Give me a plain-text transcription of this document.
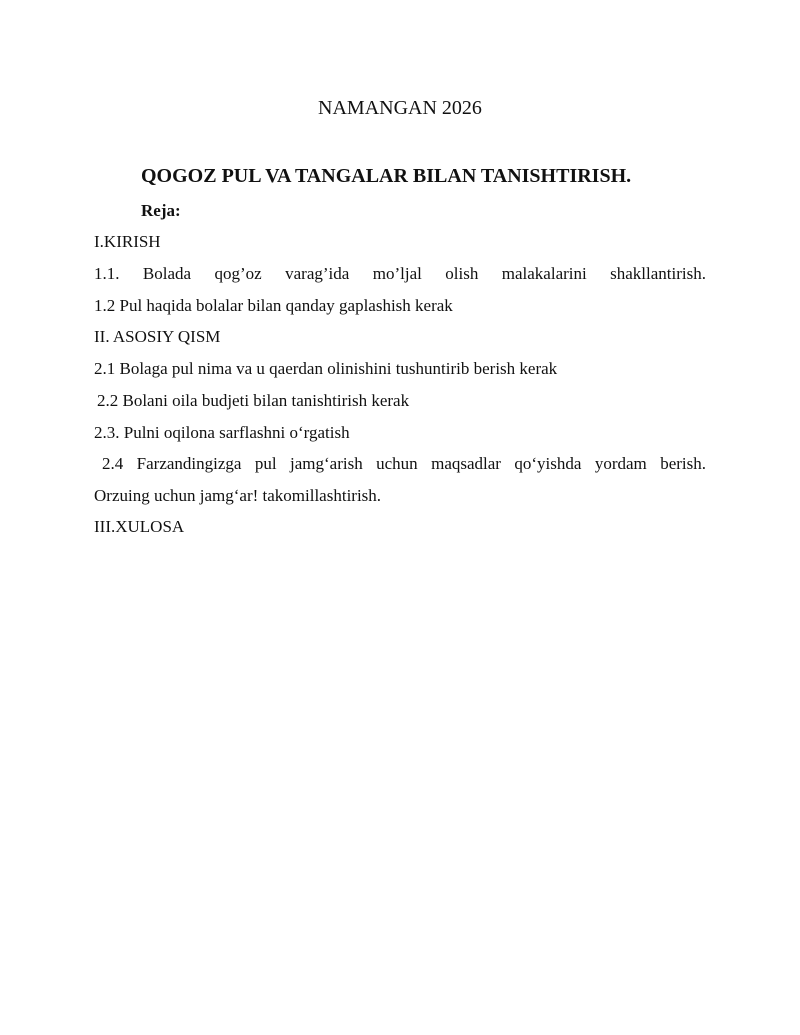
NAMANGAN 2026
QOGOZ PUL VA TANGALAR BILAN TANISHTIRISH.
Reja:
I.KIRISH
1.1. Bolada qog’oz varag’ida mo’ljal olish malakalarini shakllantirish.
1.2 Pul haqida bolalar bilan qanday gaplashish kerak
II. ASOSIY QISM
2.1 Bolaga pul nima va u qaerdan olinishini tushuntirib berish kerak
2.2 Bolani oila budjeti bilan tanishtirish kerak
2.3. Pulni oqilona sarflashni o‘rgatish
2.4 Farzandingizga pul jamg‘arish uchun maqsadlar qo‘yishda yordam berish.
Orzuing uchun jamg‘ar! takomillashtirish.
III.XULOSA
